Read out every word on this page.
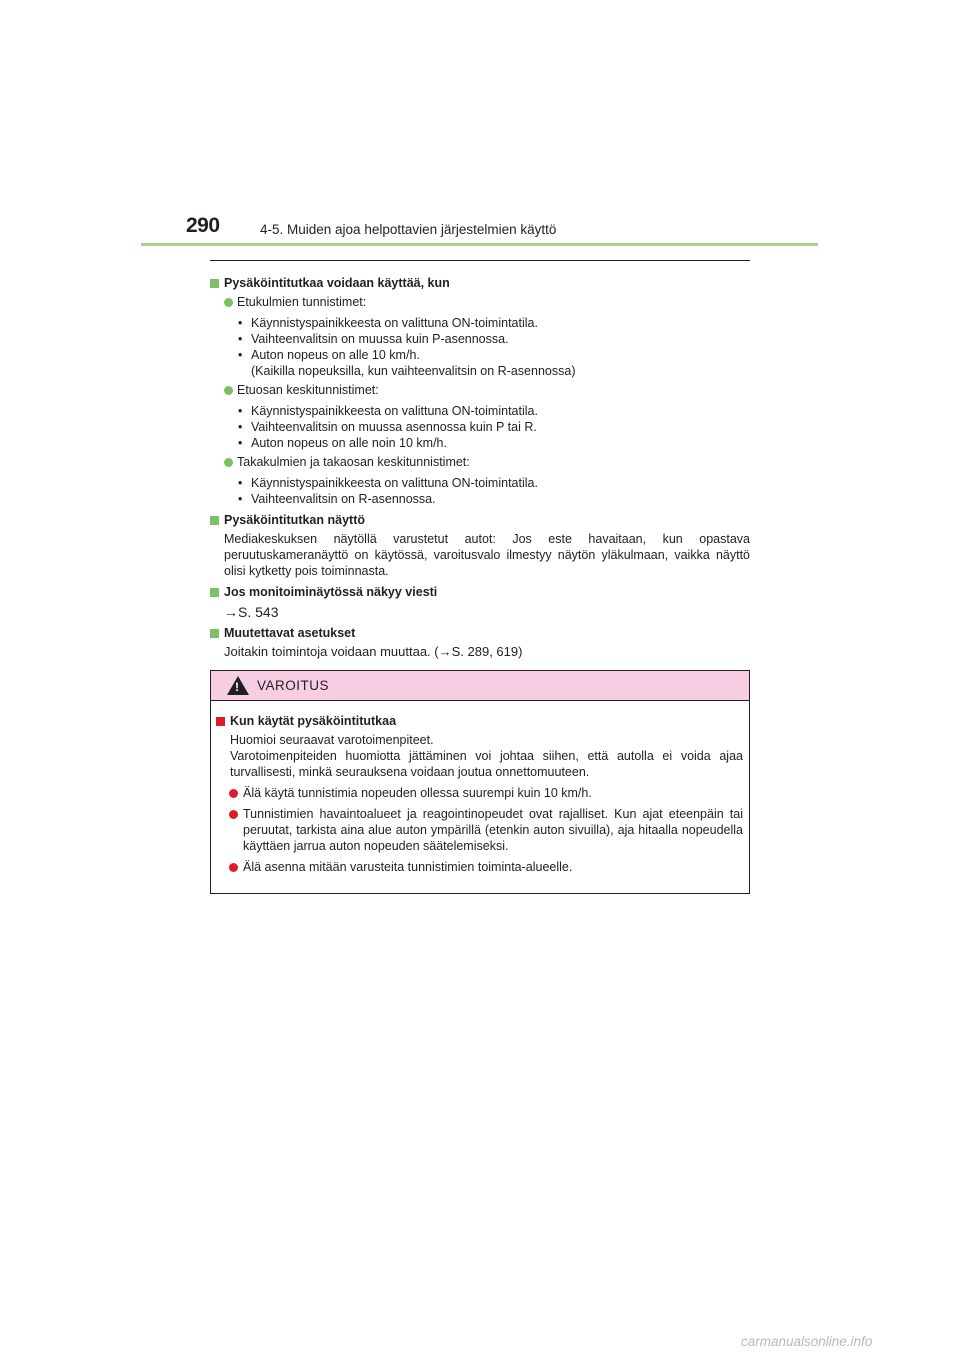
290	4-5. Muiden ajoa helpottavien järjestelmien käyttö
Pysäköintitutkaa voidaan käyttää, kun
Etukulmien tunnistimet:
• Käynnistyspainikkeesta on valittuna ON-toimintatila.
• Vaihteenvalitsin on muussa kuin P-asennossa.
• Auton nopeus on alle 10 km/h.
(Kaikilla nopeuksilla, kun vaihteenvalitsin on R-asennossa)
Etuosan keskitunnistimet:
• Käynnistyspainikkeesta on valittuna ON-toimintatila.
• Vaihteenvalitsin on muussa asennossa kuin P tai R.
• Auton nopeus on alle noin 10 km/h.
Takakulmien ja takaosan keskitunnistimet:
• Käynnistyspainikkeesta on valittuna ON-toimintatila.
• Vaihteenvalitsin on R-asennossa.
Pysäköintitutkan näyttö
Mediakeskuksen näytöllä varustetut autot: Jos este havaitaan, kun opastava peruutuskameranäyttö on käytössä, varoitusvalo ilmestyy näytön yläkulmaan, vaikka näyttö olisi kytketty pois toiminnasta.
Jos monitoiminäytössä näkyy viesti
→S. 543
Muutettavat asetukset
Joitakin toimintoja voidaan muuttaa. (→S. 289, 619)
!
VAROITUS
Kun käytät pysäköintitutkaa
Huomioi seuraavat varotoimenpiteet.
Varotoimenpiteiden huomiotta jättäminen voi johtaa siihen, että autolla ei voida ajaa turvallisesti, minkä seurauksena voidaan joutua onnettomuuteen.
Älä käytä tunnistimia nopeuden ollessa suurempi kuin 10 km/h.
Tunnistimien havaintoalueet ja reagointinopeudet ovat rajalliset. Kun ajat eteenpäin tai peruutat, tarkista aina alue auton ympärillä (etenkin auton sivuilla), aja hitaalla nopeudella käyttäen jarrua auton nopeuden säätelemiseksi.
Älä asenna mitään varusteita tunnistimien toiminta-alueelle.
carmanualsonline.info
